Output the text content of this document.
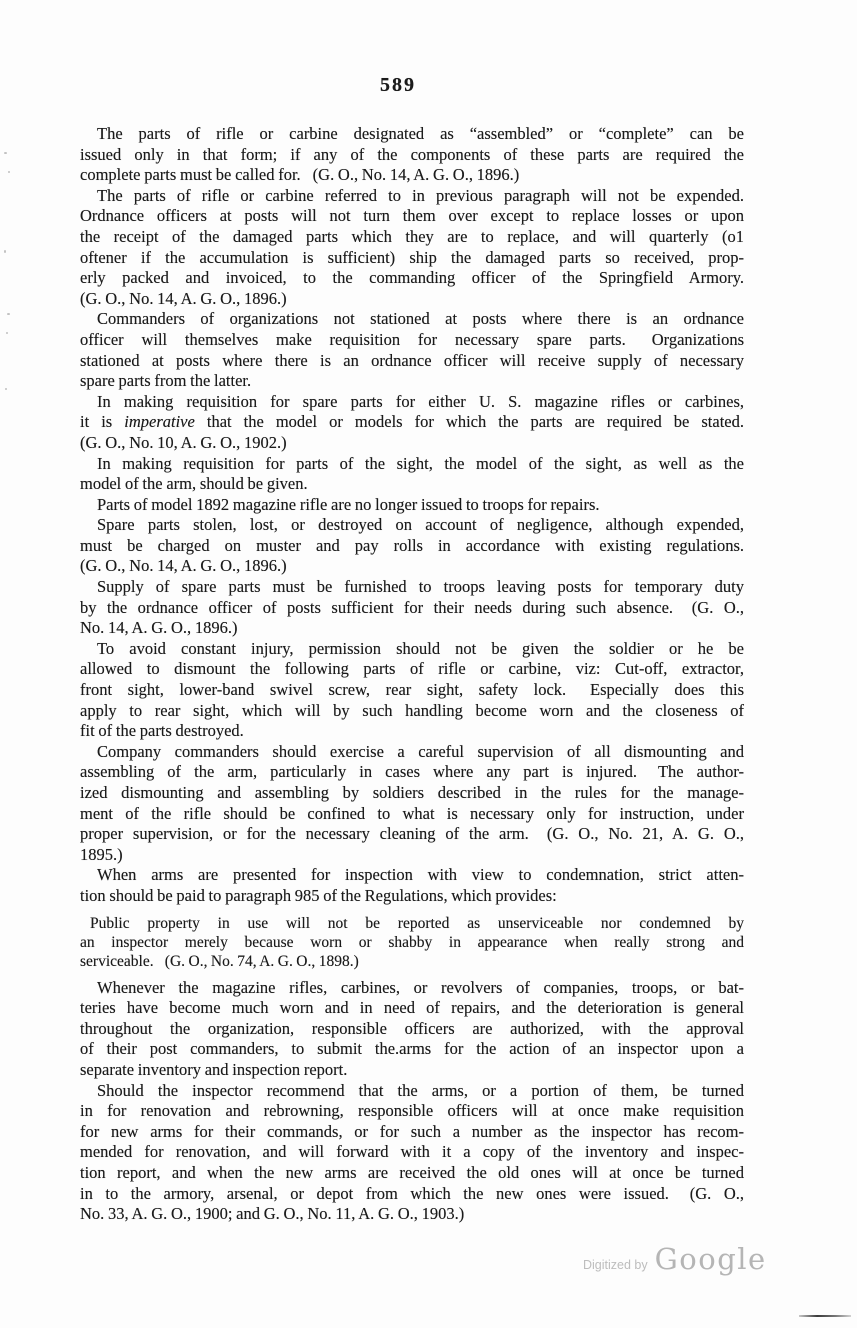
589
The parts of rifle or carbine designated as “assembled” or “complete” can be
issued only in that form; if any of the components of these parts are required the
complete parts must be called for.  (G. O., No. 14, A. G. O., 1896.)
The parts of rifle or carbine referred to in previous paragraph will not be expended.
Ordnance officers at posts will not turn them over except to replace losses or upon
the receipt of the damaged parts which they are to replace, and will quarterly (o1
oftener if the accumulation is sufficient) ship the damaged parts so received, prop-
erly packed and invoiced, to the commanding officer of the Springfield Armory.
(G. O., No. 14, A. G. O., 1896.)
Commanders of organizations not stationed at posts where there is an ordnance
officer will themselves make requisition for necessary spare parts.  Organizations
stationed at posts where there is an ordnance officer will receive supply of necessary
spare parts from the latter.
In making requisition for spare parts for either U. S. magazine rifles or carbines,
it is imperative that the model or models for which the parts are required be stated.
(G. O., No. 10, A. G. O., 1902.)
In making requisition for parts of the sight, the model of the sight, as well as the
model of the arm, should be given.
Parts of model 1892 magazine rifle are no longer issued to troops for repairs.
Spare parts stolen, lost, or destroyed on account of negligence, although expended,
must be charged on muster and pay rolls in accordance with existing regulations.
(G. O., No. 14, A. G. O., 1896.)
Supply of spare parts must be furnished to troops leaving posts for temporary duty
by the ordnance officer of posts sufficient for their needs during such absence.  (G. O.,
No. 14, A. G. O., 1896.)
To avoid constant injury, permission should not be given the soldier or he be
allowed to dismount the following parts of rifle or carbine, viz: Cut-off, extractor,
front sight, lower-band swivel screw, rear sight, safety lock.  Especially does this
apply to rear sight, which will by such handling become worn and the closeness of
fit of the parts destroyed.
Company commanders should exercise a careful supervision of all dismounting and
assembling of the arm, particularly in cases where any part is injured.  The author-
ized dismounting and assembling by soldiers described in the rules for the manage-
ment of the rifle should be confined to what is necessary only for instruction, under
proper supervision, or for the necessary cleaning of the arm.  (G. O., No. 21, A. G. O.,
1895.)
When arms are presented for inspection with view to condemnation, strict atten-
tion should be paid to paragraph 985 of the Regulations, which provides:
Public property in use will not be reported as unserviceable nor condemned by
an inspector merely because worn or shabby in appearance when really strong and
serviceable.  (G. O., No. 74, A. G. O., 1898.)
Whenever the magazine rifles, carbines, or revolvers of companies, troops, or bat-
teries have become much worn and in need of repairs, and the deterioration is general
throughout the organization, responsible officers are authorized, with the approval
of their post commanders, to submit the.arms for the action of an inspector upon a
separate inventory and inspection report.
Should the inspector recommend that the arms, or a portion of them, be turned
in for renovation and rebrowning, responsible officers will at once make requisition
for new arms for their commands, or for such a number as the inspector has recom-
mended for renovation, and will forward with it a copy of the inventory and inspec-
tion report, and when the new arms are received the old ones will at once be turned
in to the armory, arsenal, or depot from which the new ones were issued.  (G. O.,
No. 33, A. G. O., 1900; and G. O., No. 11, A. G. O., 1903.)
Digitized by Google
